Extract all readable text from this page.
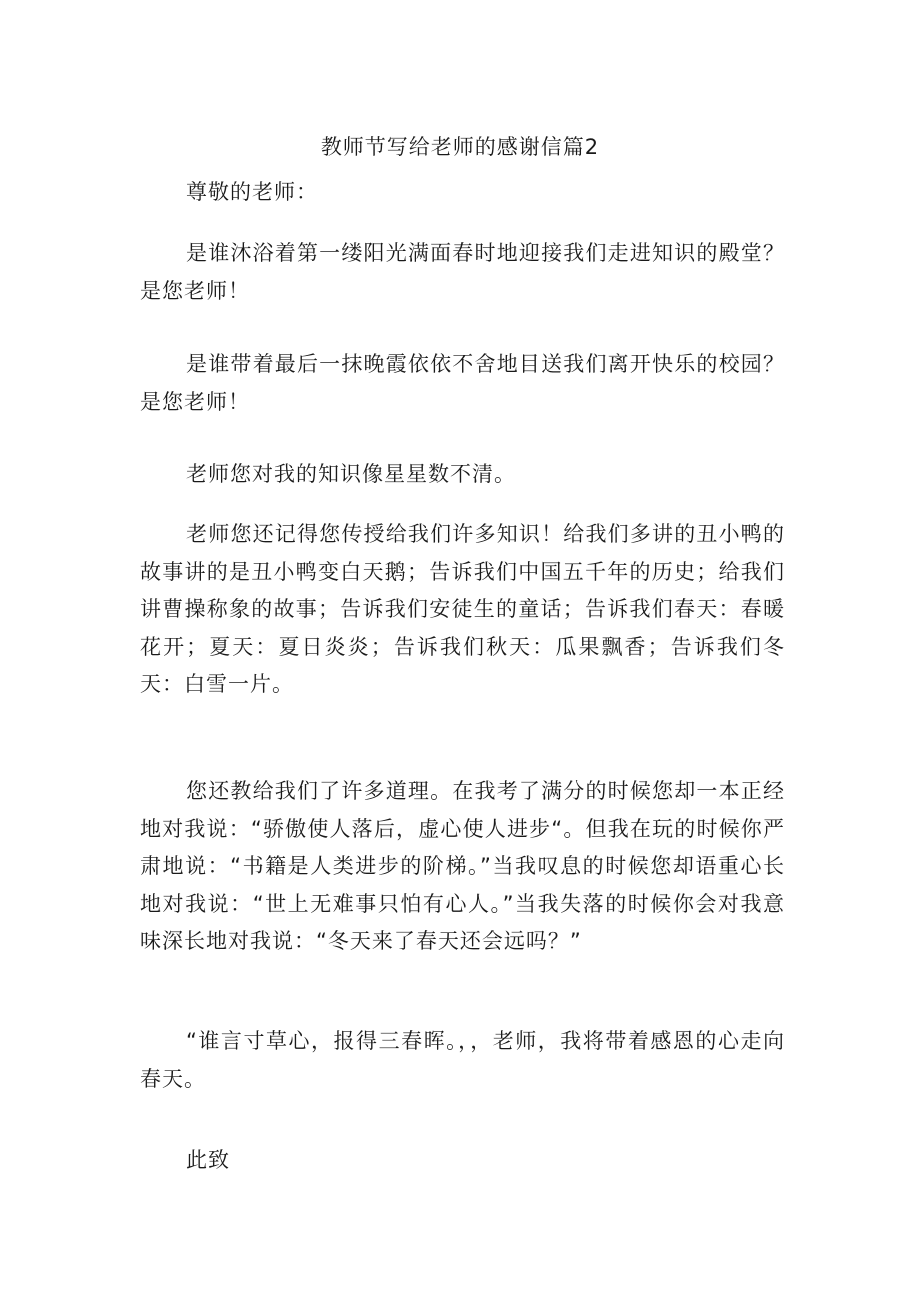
教师节写给老师的感谢信篇2

尊敬的老师：

是谁沐浴着第一缕阳光满面春时地迎接我们走进知识的殿堂？是您老师！

是谁带着最后一抹晚霞依依不舍地目送我们离开快乐的校园？是您老师！

老师您对我的知识像星星数不清。

老师您还记得您传授给我们许多知识！给我们多讲的丑小鸭的故事讲的是丑小鸭变白天鹅；告诉我们中国五千年的历史；给我们讲曹操称象的故事；告诉我们安徒生的童话；告诉我们春天：春暖花开；夏天：夏日炎炎；告诉我们秋天：瓜果飘香；告诉我们冬天：白雪一片。

您还教给我们了许多道理。在我考了满分的时候您却一本正经地对我说：“骄傲使人落后，虚心使人进步“。但我在玩的时候你严肃地说：“书籍是人类进步的阶梯。”当我叹息的时候您却语重心长地对我说：“世上无难事只怕有心人。”当我失落的时候你会对我意味深长地对我说：“冬天来了春天还会远吗？”

“谁言寸草心，报得三春晖。，，老师，我将带着感恩的心走向春天。

此致
